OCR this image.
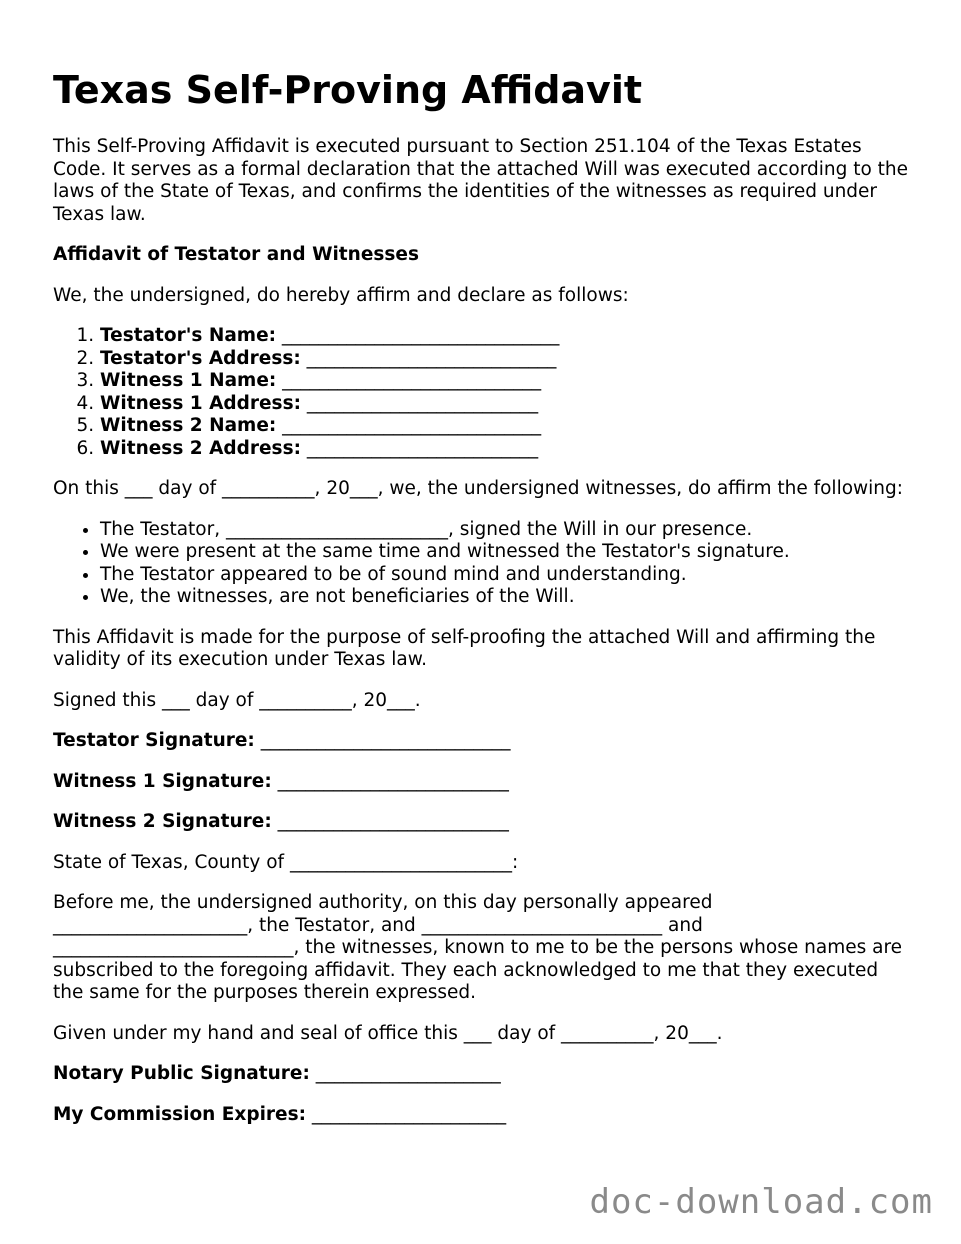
Texas Self-Proving Affidavit

This Self-Proving Affidavit is executed pursuant to Section 251.104 of the Texas Estates Code. It serves as a formal declaration that the attached Will was executed according to the laws of the State of Texas, and confirms the identities of the witnesses as required under Texas law.

Affidavit of Testator and Witnesses

We, the undersigned, do hereby affirm and declare as follows:

1. Testator's Name: ______________________________
2. Testator's Address: ___________________________
3. Witness 1 Name: ____________________________
4. Witness 1 Address: _________________________
5. Witness 2 Name: ____________________________
6. Witness 2 Address: _________________________

On this ___ day of __________, 20___, we, the undersigned witnesses, do affirm the following:

• The Testator, ________________________, signed the Will in our presence.
• We were present at the same time and witnessed the Testator's signature.
• The Testator appeared to be of sound mind and understanding.
• We, the witnesses, are not beneficiaries of the Will.

This Affidavit is made for the purpose of self-proofing the attached Will and affirming the validity of its execution under Texas law.

Signed this ___ day of __________, 20___.

Testator Signature: ___________________________

Witness 1 Signature: _________________________

Witness 2 Signature: _________________________

State of Texas, County of ________________________:

Before me, the undersigned authority, on this day personally appeared _____________________, the Testator, and __________________________ and __________________________, the witnesses, known to me to be the persons whose names are subscribed to the foregoing affidavit. They each acknowledged to me that they executed the same for the purposes therein expressed.

Given under my hand and seal of office this ___ day of __________, 20___.

Notary Public Signature: ____________________

My Commission Expires: _____________________

doc-download.com
